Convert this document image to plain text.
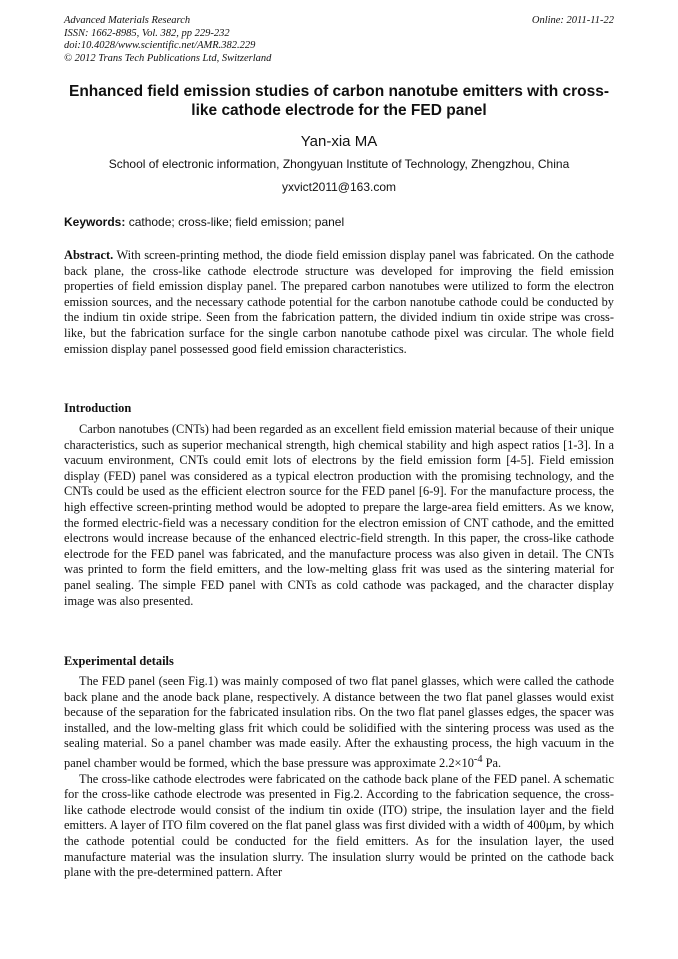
Advanced Materials Research
ISSN: 1662-8985, Vol. 382, pp 229-232
doi:10.4028/www.scientific.net/AMR.382.229
© 2012 Trans Tech Publications Ltd, Switzerland
Online: 2011-11-22
Enhanced field emission studies of carbon nanotube emitters with cross-like cathode electrode for the FED panel
Yan-xia MA
School of electronic information, Zhongyuan Institute of Technology, Zhengzhou, China
yxvict2011@163.com
Keywords: cathode; cross-like; field emission; panel

Abstract. With screen-printing method, the diode field emission display panel was fabricated. On the cathode back plane, the cross-like cathode electrode structure was developed for improving the field emission properties of field emission display panel. The prepared carbon nanotubes were utilized to form the electron emission sources, and the necessary cathode potential for the carbon nanotube cathode could be conducted by the indium tin oxide stripe. Seen from the fabrication pattern, the divided indium tin oxide stripe was cross-like, but the fabrication surface for the single carbon nanotube cathode pixel was circular. The whole field emission display panel possessed good field emission characteristics.

Introduction

Carbon nanotubes (CNTs) had been regarded as an excellent field emission material because of their unique characteristics, such as superior mechanical strength, high chemical stability and high aspect ratios [1-3]. In a vacuum environment, CNTs could emit lots of electrons by the field emission form [4-5]. Field emission display (FED) panel was considered as a typical electron production with the promising technology, and the CNTs could be used as the efficient electron source for the FED panel [6-9]. For the manufacture process, the high effective screen-printing method would be adopted to prepare the large-area field emitters. As we know, the formed electric-field was a necessary condition for the electron emission of CNT cathode, and the emitted electrons would increase because of the enhanced electric-field strength. In this paper, the cross-like cathode electrode for the FED panel was fabricated, and the manufacture process was also given in detail. The CNTs was printed to form the field emitters, and the low-melting glass frit was used as the sintering material for panel sealing. The simple FED panel with CNTs as cold cathode was packaged, and the character display image was also presented.

Experimental details

The FED panel (seen Fig.1) was mainly composed of two flat panel glasses, which were called the cathode back plane and the anode back plane, respectively. A distance between the two flat panel glasses would exist because of the separation for the fabricated insulation ribs. On the two flat panel glasses edges, the spacer was installed, and the low-melting glass frit which could be solidified with the sintering process was used as the sealing material. So a panel chamber was made easily. After the exhausting process, the high vacuum in the panel chamber would be formed, which the base pressure was approximate $2.2\times 10^{-4}$ Pa.

The cross-like cathode electrodes were fabricated on the cathode back plane of the FED panel. A schematic for the cross-like cathode electrode was presented in Fig.2. According to the fabrication sequence, the cross-like cathode electrode would consist of the indium tin oxide (ITO) stripe, the insulation layer and the field emitters. A layer of ITO film covered on the flat panel glass was first divided with a width of 400μm, by which the cathode potential could be conducted for the field emitters. As for the insulation layer, the used manufacture material was the insulation slurry. The insulation slurry would be printed on the cathode back plane with the pre-determined pattern. After
